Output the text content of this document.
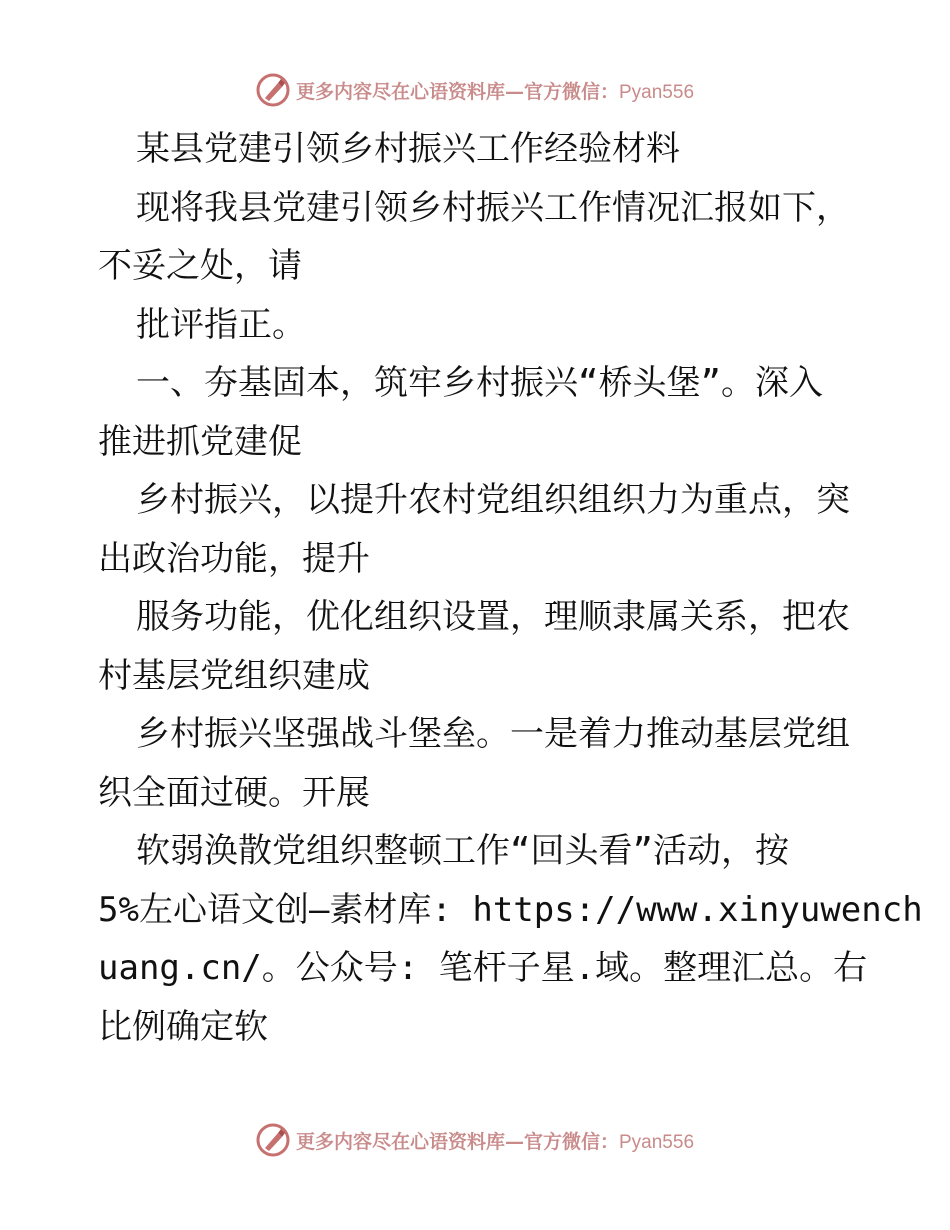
更多内容尽在心语资料库—官方微信：Pyan556
某县党建引领乡村振兴工作经验材料
现将我县党建引领乡村振兴工作情况汇报如下，
不妥之处，请
批评指正。
一、夯基固本，筑牢乡村振兴“桥头堡”。深入
推进抓党建促
乡村振兴，以提升农村党组织组织力为重点，突
出政治功能，提升
服务功能，优化组织设置，理顺隶属关系，把农
村基层党组织建成
乡村振兴坚强战斗堡垒。一是着力推动基层党组
织全面过硬。开展
软弱涣散党组织整顿工作“回头看”活动，按
5%左心语文创—素材库: https://www.xinyuwench
uang.cn/。公众号: 笔杆子星.域。整理汇总。右
比例确定软
更多内容尽在心语资料库—官方微信：Pyan556
